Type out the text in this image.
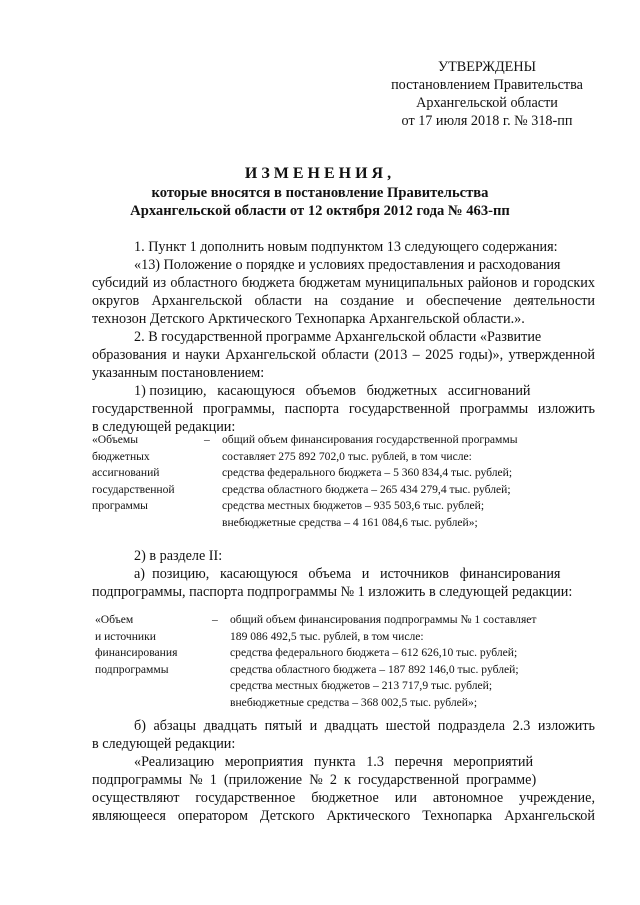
УТВЕРЖДЕНЫ
постановлением Правительства
Архангельской области
от 17 июля 2018 г. № 318-пп
ИЗМЕНЕНИЯ,
которые вносятся в постановление Правительства
Архангельской области от 12 октября 2012 года № 463-пп
1. Пункт 1 дополнить новым подпунктом 13 следующего содержания:
«13) Положение о порядке и условиях предоставления и расходования
субсидий из областного бюджета бюджетам муниципальных районов и городских
округов Архангельской области на создание и обеспечение деятельности
технозон Детского Арктического Технопарка Архангельской области.».
2. В государственной программе Архангельской области «Развитие
образования и науки Архангельской области (2013 – 2025 годы)», утвержденной
указанным постановлением:
1) позицию,   касающуюся   объемов   бюджетных   ассигнований
государственной программы, паспорта государственной программы изложить
в следующей редакции:
«Объемы
бюджетных
ассигнований
государственной
программы
– общий объем финансирования государственной программы
составляет 275 892 702,0 тыс. рублей, в том числе:
средства федерального бюджета – 5 360 834,4 тыс. рублей;
средства областного бюджета – 265 434 279,4 тыс. рублей;
средства местных бюджетов – 935 503,6 тыс. рублей;
внебюджетные средства – 4 161 084,6 тыс. рублей»;
2) в разделе II:
а)  позицию,   касающуюся   объема   и   источников   финансирования
подпрограммы, паспорта подпрограммы № 1 изложить в следующей редакции:
«Объем
и источники
финансирования
подпрограммы
– общий объем финансирования подпрограммы № 1 составляет
189 086 492,5 тыс. рублей, в том числе:
средства федерального бюджета – 612 626,10 тыс. рублей;
средства областного бюджета – 187 892 146,0 тыс. рублей;
средства местных бюджетов – 213 717,9 тыс. рублей;
внебюджетные средства – 368 002,5 тыс. рублей»;
б) абзацы двадцать пятый и двадцать шестой подраздела 2.3 изложить
в следующей редакции:
«Реализацию   мероприятия   пункта   1.3   перечня   мероприятий
подпрограммы  №  1  (приложение  №  2  к  государственной  программе)
осуществляют государственное бюджетное или автономное учреждение,
являющееся оператором Детского Арктического Технопарка Архангельской
